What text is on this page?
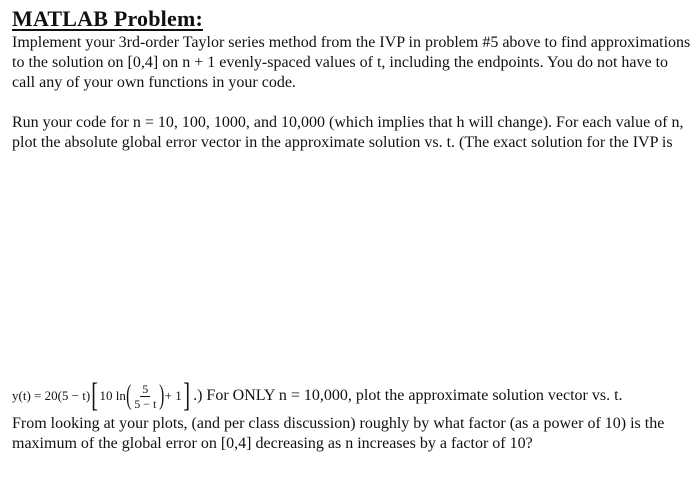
MATLAB Problem:

Implement your 3rd-order Taylor series method from the IVP in problem #5 above to find approximations to the solution on [0,4] on n + 1 evenly-spaced values of t, including the endpoints. You do not have to call any of your own functions in your code.

Run your code for n = 10, 100, 1000, and 10,000 (which implies that h will change). For each value of n, plot the absolute global error vector in the approximate solution vs. t. (The exact solution for the IVP is

y(t) = 20(5 − t) [ 10 ln ( $\frac{5}{5 - t}$ ) + 1 ] .) For ONLY n = 10,000, plot the approximate solution vector vs. t.

From looking at your plots, (and per class discussion) roughly by what factor (as a power of 10) is the maximum of the global error on [0,4] decreasing as n increases by a factor of 10?
